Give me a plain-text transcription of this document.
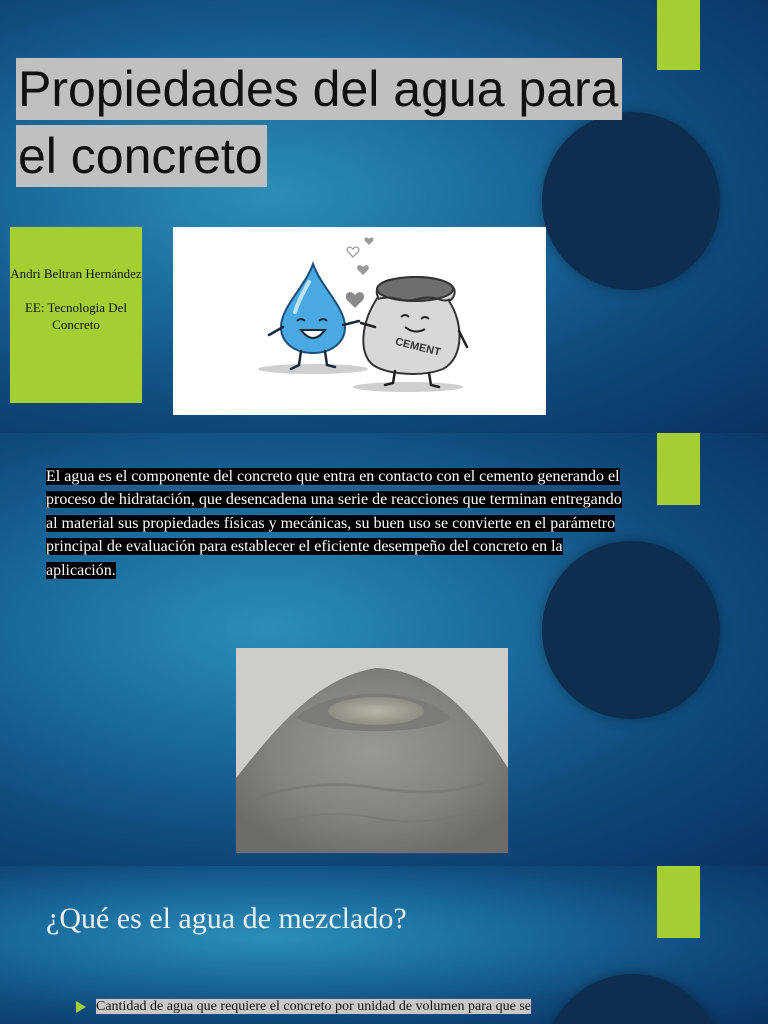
Propiedades del agua para
el concreto

Andri Beltran Hernández

EE: Tecnologia Del Concreto

CEMENT
El agua es el componente del concreto que entra en contacto con el cemento generando el proceso de hidratación, que desencadena una serie de reacciones que terminan entregando al material sus propiedades físicas y mecánicas, su buen uso se convierte en el parámetro principal de evaluación para establecer el eficiente desempeño del concreto en la aplicación.
¿Qué es el agua de mezclado?
Cantidad de agua que requiere el concreto por unidad de volumen para que se
